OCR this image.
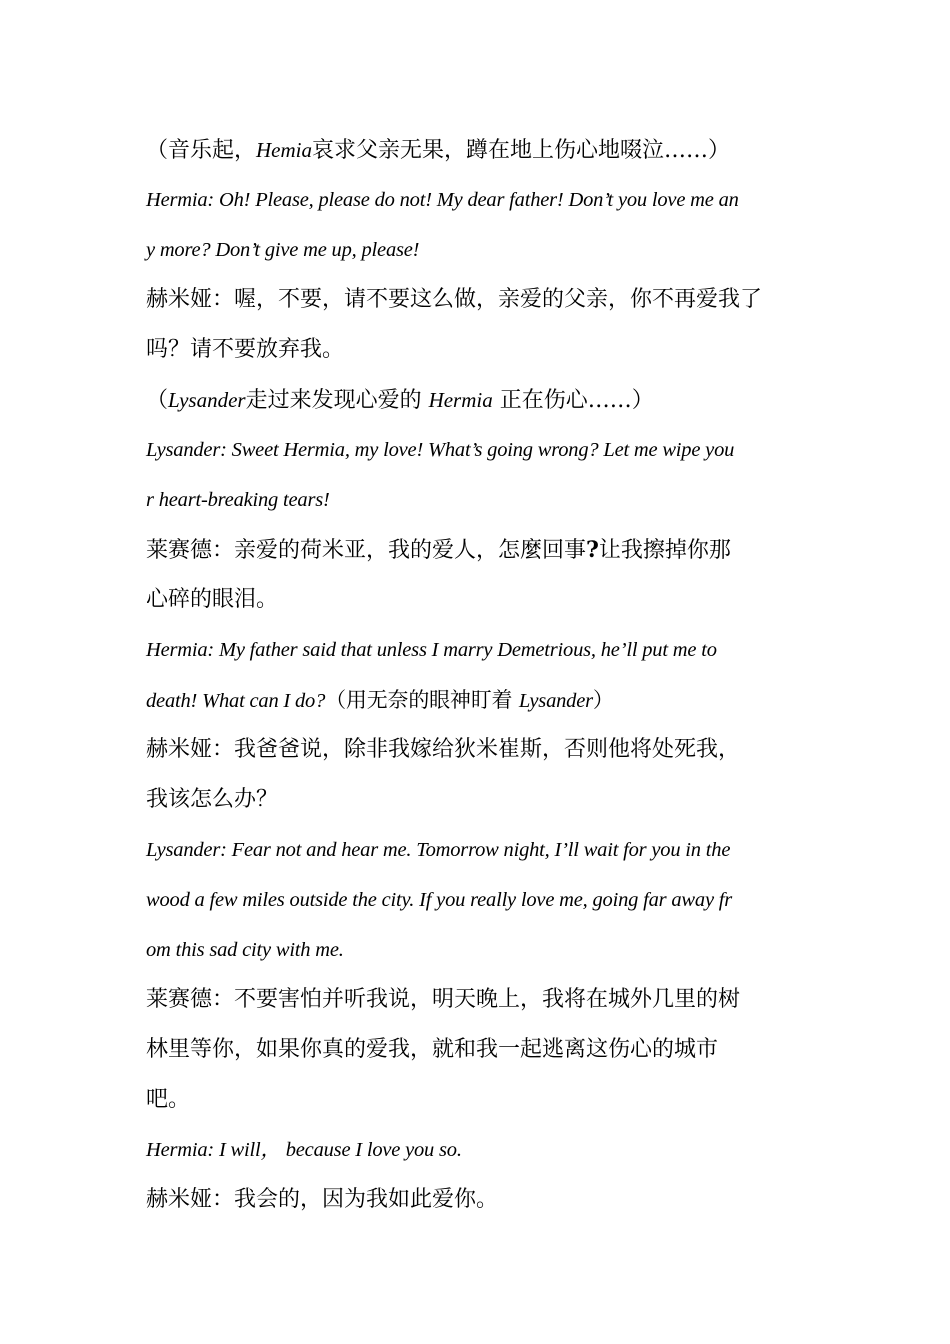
（音乐起，Hemia哀求父亲无果，蹲在地上伤心地啜泣……）
Hermia: Oh! Please, please do not! My dear father! Don’t you love me an
y more? Don’t give me up, please!
赫米娅：喔，不要，请不要这么做，亲爱的父亲，你不再爱我了
吗？请不要放弃我。
（Lysander走过来发现心爱的 Hermia 正在伤心……）
Lysander: Sweet Hermia, my love! What’s going wrong? Let me wipe you
r heart-breaking tears!
莱赛德：亲爱的荷米亚，我的爱人，怎麼回事?让我擦掉你那
心碎的眼泪。
Hermia: My father said that unless I marry Demetrious, he’ll put me to
death! What can I do?（用无奈的眼神盯着 Lysander）
赫米娅：我爸爸说，除非我嫁给狄米崔斯，否则他将处死我，
我该怎么办？
Lysander: Fear not and hear me. Tomorrow night, I’ll wait for you in the
wood a few miles outside the city. If you really love me, going far away fr
om this sad city with me.
莱赛德：不要害怕并听我说，明天晚上，我将在城外几里的树
林里等你，如果你真的爱我，就和我一起逃离这伤心的城市
吧。
Hermia: I will， because I love you so.
赫米娅：我会的，因为我如此爱你。
